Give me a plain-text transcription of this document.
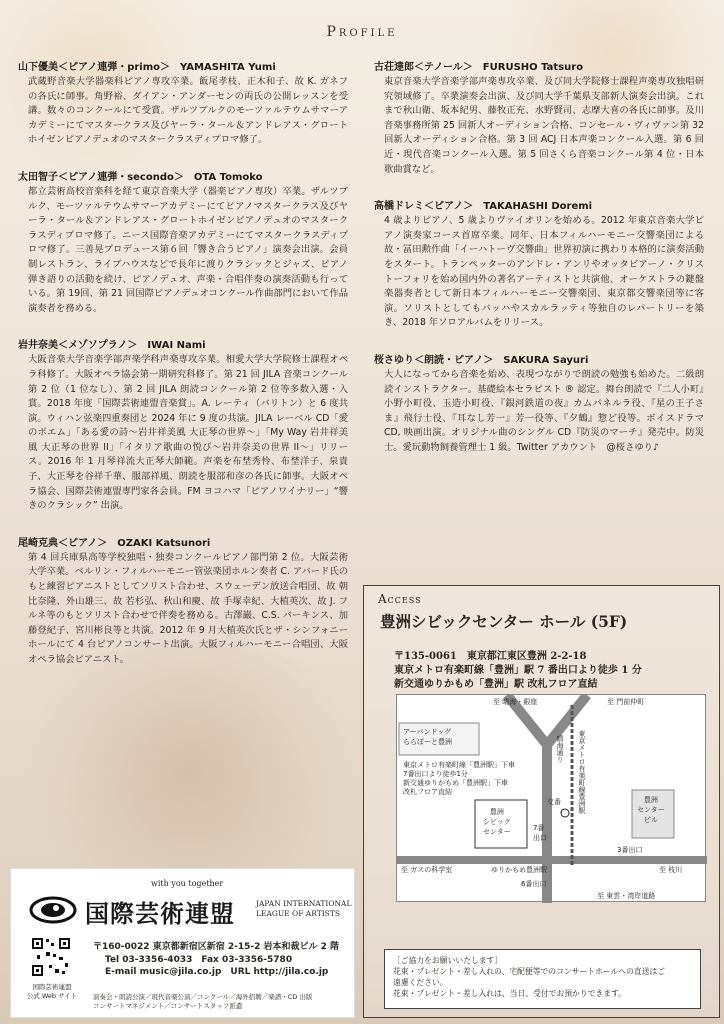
Profile
山下優美＜ピアノ連弾・primo＞　YAMASHITA Yumi
武蔵野音楽大学器楽科ピアノ専攻卒業。飯尾孝枝、正木和子、故 K. ガネフの各氏に師事。角野裕、ダイアン・アンダーセンの両氏の公開レッスンを受講。数々のコンクールにて受賞。ザルツブルクのモーツァルテウムサマーアカデミーにてマスタークラス及びヤーラ・タール＆アンドレアス・グロートホイゼンピアノデュオのマスタークラスディプロマ修了。
太田智子＜ピアノ連弾・secondo＞　OTA Tomoko
都立芸術高校音楽科を経て東京音楽大学（器楽ピアノ専攻）卒業。ザルツブルク、モーツァルテウムサマーアカデミーにてピアノマスタークラス及びヤーラ・タール＆アンドレアス・グロートホイゼンピアノデュオのマスタークラスディプロマ修了。ニース国際音楽アカデミーにてマスタークラスディプロマ修了。三善晃プロデュース第６回「響き合うピアノ」演奏会出演。会員制レストラン、ライブハウスなどで長年に渡りクラシックとジャズ、ピアノ弾き語りの活動を続け、ピアノデュオ、声楽・合唱伴奏の演奏活動も行っている。第 19回、第 21 回国際ピアノデュオコンクール作曲部門において作品演奏者を務める。
岩井奈美＜メゾソプラノ＞　IWAI Nami
大阪音楽大学音楽学部声楽学科声楽専攻卒業。相愛大学大学院修士課程オペラ科修了。大阪オペラ協会第一期研究科修了。第 21 回 JILA 音楽コンクール第 2 位（1 位なし）、第 2 回 JILA 朗読コンクール第 2 位等多数入選・入賞。2018 年度「国際芸術連盟音楽賞」。A. レーティ（バリトン）と 6 度共演。ウィハン弦楽四重奏団と 2024 年に 9 度の共演。JILA レーベル CD「愛のポエム」「ある愛の詩～岩井祥美風 大正琴の世界～」「My Way 岩井祥美風 大正琴の世界 II」「イタリア歌曲の悦び～岩井奈美の世界 II～」リリース。2016 年 1 月琴祥流大正琴大師範。声楽を布埜秀怜、布埜洋子、泉貴子、大正琴を谷祥千華、服部祥風、朗読を服部和彦の各氏に師事。大阪オペラ協会、国際芸術連盟専門家各会員。FM ヨコハマ「ピアノワイナリー」“響きのクラシック” 出演。
尾崎克典＜ピアノ＞　OZAKI Katsunori
第 4 回兵庫県高等学校独唱・独奏コンクールピアノ部門第 2 位。大阪芸術大学卒業。ベルリン・フィルハーモニー管弦楽団ホルン奏者 C. アバード氏のもと練習ピアニストとしてソリスト合わせ、スウェーデン放送合唱団、故 朝比奈隆、外山雄三、故 若杉弘、秋山和慶、故 手塚幸紀、大植英次、故 J. フルネ等のもとソリスト合わせで伴奏を務める。古澤巌、C.S. バーキンス、加藤登紀子、宮川彬良等と共演。2012 年 9 月大植英次氏とザ・シンフォニーホールにて 4 台ピアノコンサート出演。大阪フィルハーモニー合唱団、大阪オペラ協会ピアニスト。
古荘達郎＜テノール＞　FURUSHO Tatsuro
東京音楽大学音楽学部声楽専攻卒業、及び同大学院修士課程声楽専攻独唱研究領域修了。卒業演奏会出演、及び同大学千葉県支部新人演奏会出演。これまで秋山衛、坂本紀男、藤牧正充、水野賢司、志摩大喜の各氏に師事。及川音楽事務所第 25 回新人オーディション合格、コンセール・ヴィヴァン第 32 回新人オーディション合格。第 3 回 ACJ 日本声楽コンクール入選。第 6 回近・現代音楽コンクール入選。第 5 回さくら音楽コンクール第 4 位・日本歌曲賞など。
高橋ドレミ＜ピアノ＞　TAKAHASHI Doremi
4 歳よりピアノ、5 歳よりヴァイオリンを始める。2012 年東京音楽大学ピアノ演奏家コース首席卒業。同年、日本フィルハーモニー交響楽団による故・冨田勲作曲「イーハトーヴ交響曲」世界初演に携わり本格的に演奏活動をスタート。トランペッターのアンドレ・アンリやオッタビアーノ・クリストーフォリを始め国内外の著名アーティストと共演他、オーケストラの鍵盤楽器奏者として新日本フィルハーモニー交響楽団、東京都交響楽団等に客演。ソリストとしてもバッハやスカルラッティ等独自のレパートリーを築き、2018 年ソロアルバムをリリース。
桜さゆり＜朗読・ピアノ＞　SAKURA Sayuri
大人になってから音楽を始め、表現つながりで朗読の勉強も始めた。二級朗読インストラクター。基礎絵本セラピスト ® 認定。舞台朗読で『二人小町』小野小町役、玉造小町役、『銀河鉄道の夜』カムパネルラ役、『星の王子さま』飛行士役、『耳なし芳一』芳一役等、『夕鶴』惣ど役等。ボイスドラマ CD, 映画出演。オリジナル曲のシングル CD『防災のマーチ』発売中。防災士。愛玩動物飼養管理士 1 級。Twitter アカウント　@桜さゆり♪
Access
豊洲シビックセンター ホール (5F)
〒135-0061　東京都江東区豊洲 2-2-18
東京メトロ有楽町線「豊洲」駅 7 番出口より徒歩 1 分
新交通ゆりかもめ「豊洲」駅 改札フロア直結
至 晴海・銀座	至 門前仲町
アーバンドッグ
ららぽーと豊洲	晴海通り 東京メトロ有楽町線豊洲駅
東京メトロ有楽町線「豊洲駅」下車
7番出口より徒歩1分
新交通ゆりかもめ「豊洲駅」下車
改札フロア直結
交番
豊洲
シビック
センター	7番
出口
豊洲
センター
ビル
3番出口
至 ガスの科学室	ゆりかもめ豊洲駅	至 枝川
6番出口
至 東雲・湾岸道路
［ご協力をお願いいたします］
花束・プレゼント・差し入れの、宅配便等でのコンサートホールへの直送はご
遠慮ください。
花束・プレゼント・差し入れは、当日、受付でお預かりできます。
with you together
国際芸術連盟	JAPAN INTERNATIONAL
LEAGUE OF ARTISTS
国際芸術連盟
公式 Web サイト
〒160-0022 東京都新宿区新宿 2-15-2 岩本和裁ビル 2 階
Tel 03-3356-4033　Fax 03-3356-5780
E-mail music@jila.co.jp　URL http://jila.co.jp
演奏会・朗読公演／現代音楽公演／コンクール／海外招聘／楽譜・CD 出版
コンサートマネジメント／コンサートスタッフ派遣
